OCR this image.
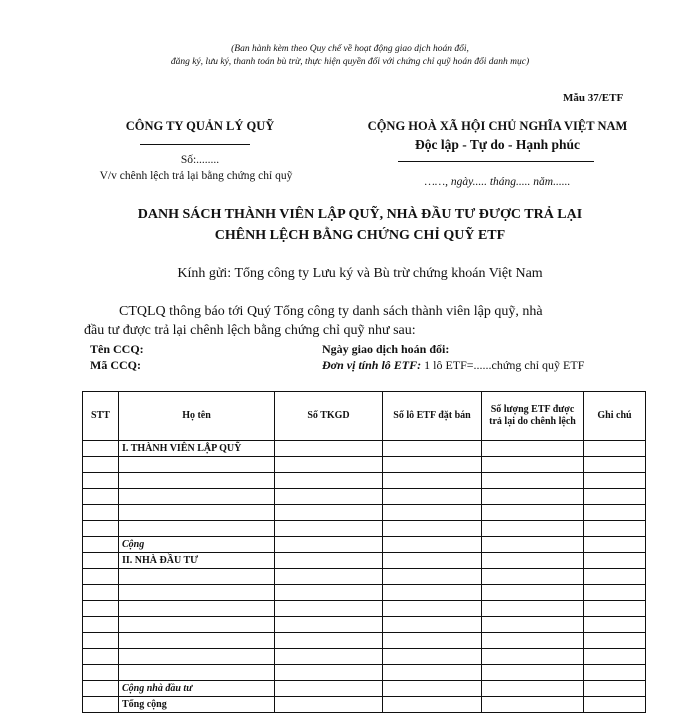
(Ban hành kèm theo Quy chế về hoạt động giao dịch hoán đổi,
đăng ký, lưu ký, thanh toán bù trừ, thực hiện quyền đối với chứng chỉ quỹ hoán đổi danh mục)
Mẫu 37/ETF
CÔNG TY QUẢN LÝ QUỸ
Số:........
V/v chênh lệch trả lại bằng chứng chỉ quỹ
CỘNG HOÀ XÃ HỘI CHỦ NGHĨA VIỆT NAM
Độc lập - Tự do - Hạnh phúc
……, ngày..... tháng..... năm......
DANH SÁCH THÀNH VIÊN LẬP QUỸ, NHÀ ĐẦU TƯ ĐƯỢC TRẢ LẠI
CHÊNH LỆCH BẰNG CHỨNG CHỈ QUỸ ETF
Kính gửi: Tổng công ty Lưu ký và Bù trừ chứng khoán Việt Nam
CTQLQ thông báo tới Quý Tổng công ty danh sách thành viên lập quỹ, nhà
đầu tư được trả lại chênh lệch bằng chứng chỉ quỹ như sau:
Tên CCQ:
Mã CCQ:
Ngày giao dịch hoán đổi:
Đơn vị tính lô ETF: 1 lô ETF=......chứng chỉ quỹ ETF
STT	Họ tên	Số TKGD	Số lô ETF đặt bán	Số lượng ETF được trả lại do chênh lệch	Ghi chú
	I. THÀNH VIÊN LẬP QUỸ				

	Cộng				
	II. NHÀ ĐẦU TƯ				

	Cộng nhà đầu tư				
	Tổng cộng				
